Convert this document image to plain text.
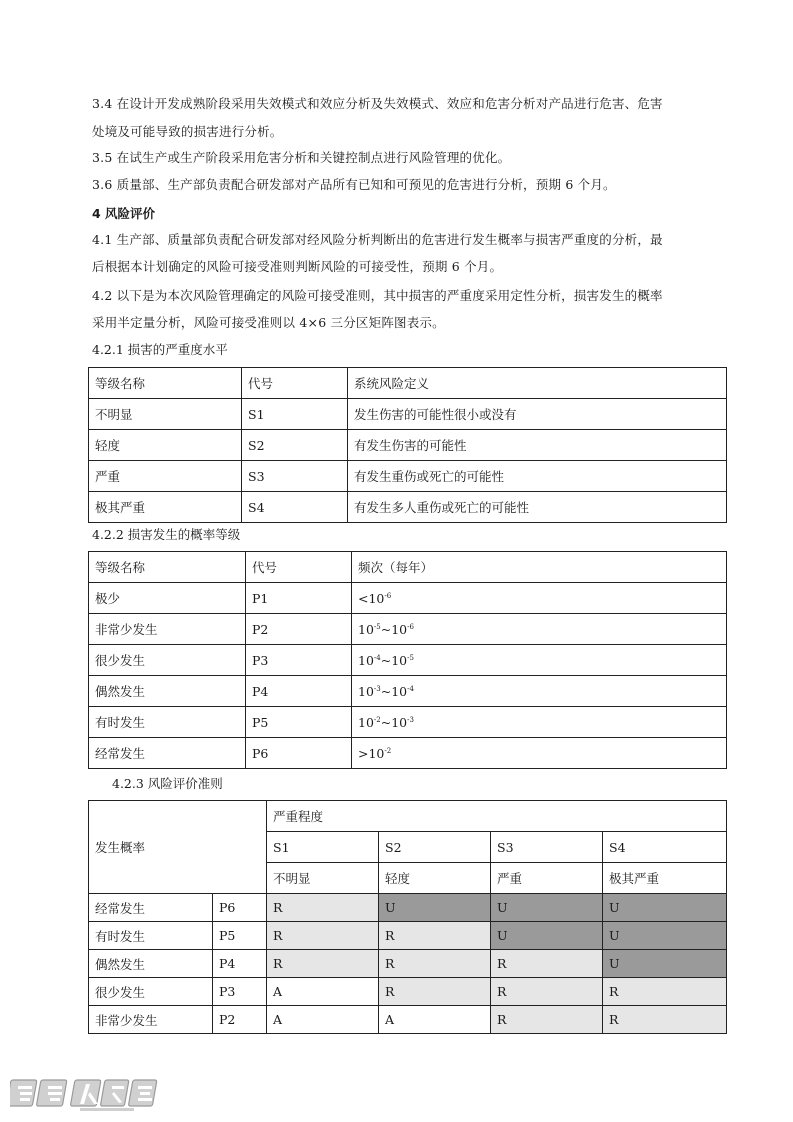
3.4 在设计开发成熟阶段采用失效模式和效应分析及失效模式、效应和危害分析对产品进行危害、危害
处境及可能导致的损害进行分析。
3.5 在试生产或生产阶段采用危害分析和关键控制点进行风险管理的优化。
3.6 质量部、生产部负责配合研发部对产品所有已知和可预见的危害进行分析，预期 6 个月。
4 风险评价
4.1 生产部、质量部负责配合研发部对经风险分析判断出的危害进行发生概率与损害严重度的分析，最
后根据本计划确定的风险可接受准则判断风险的可接受性，预期 6 个月。
4.2 以下是为本次风险管理确定的风险可接受准则，其中损害的严重度采用定性分析，损害发生的概率
采用半定量分析，风险可接受准则以 4×6 三分区矩阵图表示。
4.2.1 损害的严重度水平
等级名称	代号	系统风险定义
不明显	S1	发生伤害的可能性很小或没有
轻度	S2	有发生伤害的可能性
严重	S3	有发生重伤或死亡的可能性
极其严重	S4	有发生多人重伤或死亡的可能性
4.2.2 损害发生的概率等级
等级名称	代号	频次（每年）
极少	P1	$<10^{-6}$
非常少发生	P2	$10^{-5}\sim 10^{-6}$
很少发生	P3	$10^{-4}\sim 10^{-5}$
偶然发生	P4	$10^{-3}\sim 10^{-4}$
有时发生	P5	$10^{-2}\sim 10^{-3}$
经常发生	P6	$>10^{-2}$
4.2.3 风险评价准则
发生概率		严重程度			
		S1	S2	S3	S4
		不明显	轻度	严重	极其严重
经常发生	P6	R	U	U	U
有时发生	P5	R	R	U	U
偶然发生	P4	R	R	R	U
很少发生	P3	A	R	R	R
非常少发生	P2	A	A	R	R
